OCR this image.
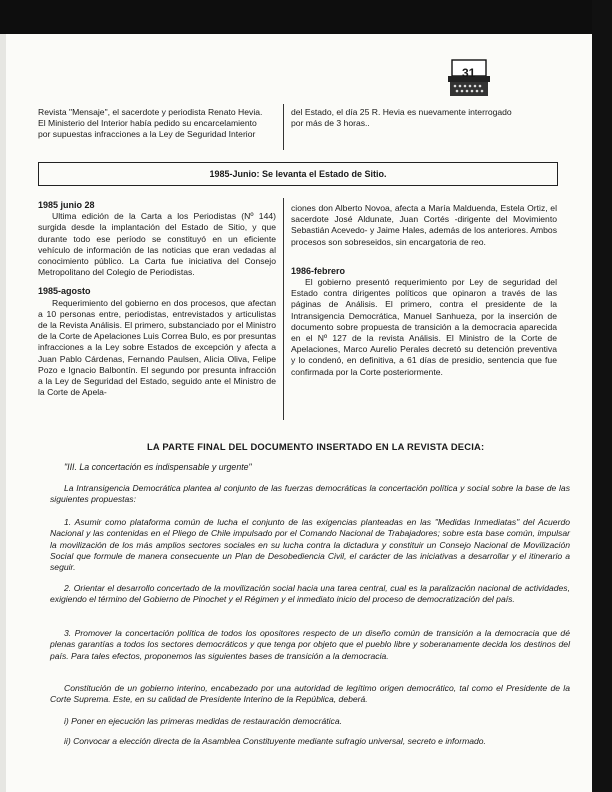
31

Revista "Mensaje", el sacerdote y periodista Renato Hevia.

El Ministerio del Interior había pedido su encarcelamiento

por supuestas infracciones a la Ley de Seguridad Interior

del Estado, el día 25 R. Hevia es nuevamente interrogado

por más de 3 horas..

1985-Junio: Se levanta el Estado de Sitio.

1985 junio 28

Ultima edición de la Carta a los Periodistas (Nº 144) surgida desde la implantación del Estado de Sitio, y que durante todo ese período se constituyó en un eficiente vehículo de información de las noticias que eran vedadas al conocimiento público. La Carta fue iniciativa del Consejo Metropolitano del Colegio de Periodistas.

1985-agosto

Requerimiento del gobierno en dos procesos, que afectan a 10 personas entre, periodistas, entrevistados y articulistas de la Revista Análisis. El primero, substanciado por el Ministro de la Corte de Apelaciones Luis Correa Bulo, es por presuntas infracciones a la Ley sobre Estados de excepción y afecta a Juan Pablo Cárdenas, Fernando Paulsen, Alicia Oliva, Felipe Pozo e Ignacio Balbontín. El segundo por presunta infracción a la Ley de Seguridad del Estado, seguido ante el Ministro de la Corte de Apela-

ciones don Alberto Novoa, afecta a María Malduenda, Estela Ortiz, el sacerdote José Aldunate, Juan Cortés -dirigente del Movimiento Sebastián Acevedo- y Jaime Hales, además de los anteriores. Ambos procesos son sobreseidos, sin encargatoria de reo.

1986-febrero

El gobierno presentó requerimiento por Ley de seguridad del Estado contra dirigentes políticos que opinaron a través de las páginas de Análisis. El primero, contra el presidente de la Intransigencia Democrática, Manuel Sanhueza, por la inserción de documento sobre propuesta de transición a la democracia aparecida en el Nº 127 de la revista Análisis. El Ministro de la Corte de Apelaciones, Marco Aurelio Perales decretó su detención preventiva y lo condenó, en definitiva, a 61 días de presidio, sentencia que fue confirmada por la Corte posteriormente.

LA PARTE FINAL DEL DOCUMENTO INSERTADO EN LA REVISTA DECIA:
"III. La concertación es indispensable y urgente"

La Intransigencia Democrática plantea al conjunto de las fuerzas democráticas la concertación política y social sobre la base de las siguientes propuestas:

1. Asumir como plataforma común de lucha el conjunto de las exigencias planteadas en las "Medidas Inmediatas" del Acuerdo Nacional y las contenidas en el Pliego de Chile impulsado por el Comando Nacional de Trabajadores; sobre esta base común, impulsar la movilización de los más amplios sectores sociales en su lucha contra la dictadura y constituir un Consejo Nacional de Movilización Social que formule de manera consecuente un Plan de Desobediencia Civil, el carácter de las iniciativas a desarrollar y el itinerario a seguir.

2. Orientar el desarrollo concertado de la movilización social hacia una tarea central, cual es la paralización nacional de actividades, exigiendo el término del Gobierno de Pinochet y el Régimen y el inmediato inicio del proceso de democratización del país.

3. Promover la concertación política de todos los opositores respecto de un diseño común de transición a la democracia que dé plenas garantías a todos los sectores democráticos y que tenga por objeto que el pueblo libre y soberanamente decida los destinos del país. Para tales efectos, proponemos las siguientes bases de transición a la democracia.

Constitución de un gobierno interino, encabezado por una autoridad de legítimo origen democrático, tal como el Presidente de la Corte Suprema. Este, en su calidad de Presidente Interino de la República, deberá.

i) Poner en ejecución las primeras medidas de restauración democrática.

ii) Convocar a elección directa de la Asamblea Constituyente mediante sufragio universal, secreto e informado.
